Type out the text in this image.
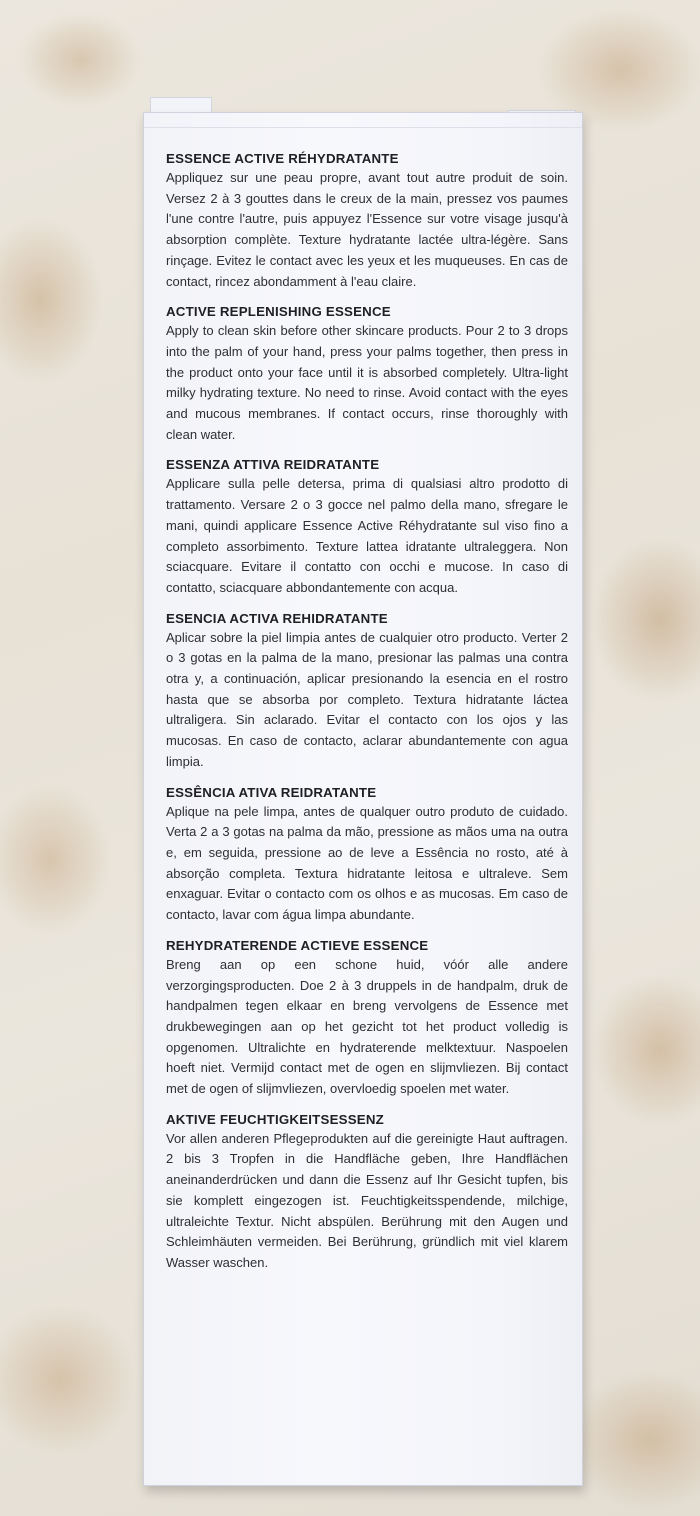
ESSENCE ACTIVE RÉHYDRATANTE

Appliquez sur une peau propre, avant tout autre produit de soin. Versez 2 à 3 gouttes dans le creux de la main, pressez vos paumes l'une contre l'autre, puis appuyez l'Essence sur votre visage jusqu'à absorption complète. Texture hydratante lactée ultra-légère. Sans rinçage. Evitez le contact avec les yeux et les muqueuses. En cas de contact, rincez abondamment à l'eau claire.

ACTIVE REPLENISHING ESSENCE

Apply to clean skin before other skincare products. Pour 2 to 3 drops into the palm of your hand, press your palms together, then press in the product onto your face until it is absorbed completely. Ultra-light milky hydrating texture. No need to rinse. Avoid contact with the eyes and mucous membranes. If contact occurs, rinse thoroughly with clean water.

ESSENZA ATTIVA REIDRATANTE

Applicare sulla pelle detersa, prima di qualsiasi altro prodotto di trattamento. Versare 2 o 3 gocce nel palmo della mano, sfregare le mani, quindi applicare Essence Active Réhydratante sul viso fino a completo assorbimento. Texture lattea idratante ultraleggera. Non sciacquare. Evitare il contatto con occhi e mucose. In caso di contatto, sciacquare abbondantemente con acqua.

ESENCIA ACTIVA REHIDRATANTE

Aplicar sobre la piel limpia antes de cualquier otro producto. Verter 2 o 3 gotas en la palma de la mano, presionar las palmas una contra otra y, a continuación, aplicar presionando la esencia en el rostro hasta que se absorba por completo. Textura hidratante láctea ultraligera. Sin aclarado. Evitar el contacto con los ojos y las mucosas. En caso de contacto, aclarar abundantemente con agua limpia.

ESSÊNCIA ATIVA REIDRATANTE

Aplique na pele limpa, antes de qualquer outro produto de cuidado. Verta 2 a 3 gotas na palma da mão, pressione as mãos uma na outra e, em seguida, pressione ao de leve a Essência no rosto, até à absorção completa. Textura hidratante leitosa e ultraleve. Sem enxaguar. Evitar o contacto com os olhos e as mucosas. Em caso de contacto, lavar com água limpa abundante.

REHYDRATERENDE ACTIEVE ESSENCE

Breng aan op een schone huid, vóór alle andere verzorgingsproducten. Doe 2 à 3 druppels in de handpalm, druk de handpalmen tegen elkaar en breng vervolgens de Essence met drukbewegingen aan op het gezicht tot het product volledig is opgenomen. Ultralichte en hydraterende melktextuur. Naspoelen hoeft niet. Vermijd contact met de ogen en slijmvliezen. Bij contact met de ogen of slijmvliezen, overvloedig spoelen met water.

AKTIVE FEUCHTIGKEITSESSENZ

Vor allen anderen Pflegeprodukten auf die gereinigte Haut auftragen. 2 bis 3 Tropfen in die Handfläche geben, Ihre Handflächen aneinanderdrücken und dann die Essenz auf Ihr Gesicht tupfen, bis sie komplett eingezogen ist. Feuchtigkeitsspendende, milchige, ultraleichte Textur. Nicht abspülen. Berührung mit den Augen und Schleimhäuten vermeiden. Bei Berührung, gründlich mit viel klarem Wasser waschen.
